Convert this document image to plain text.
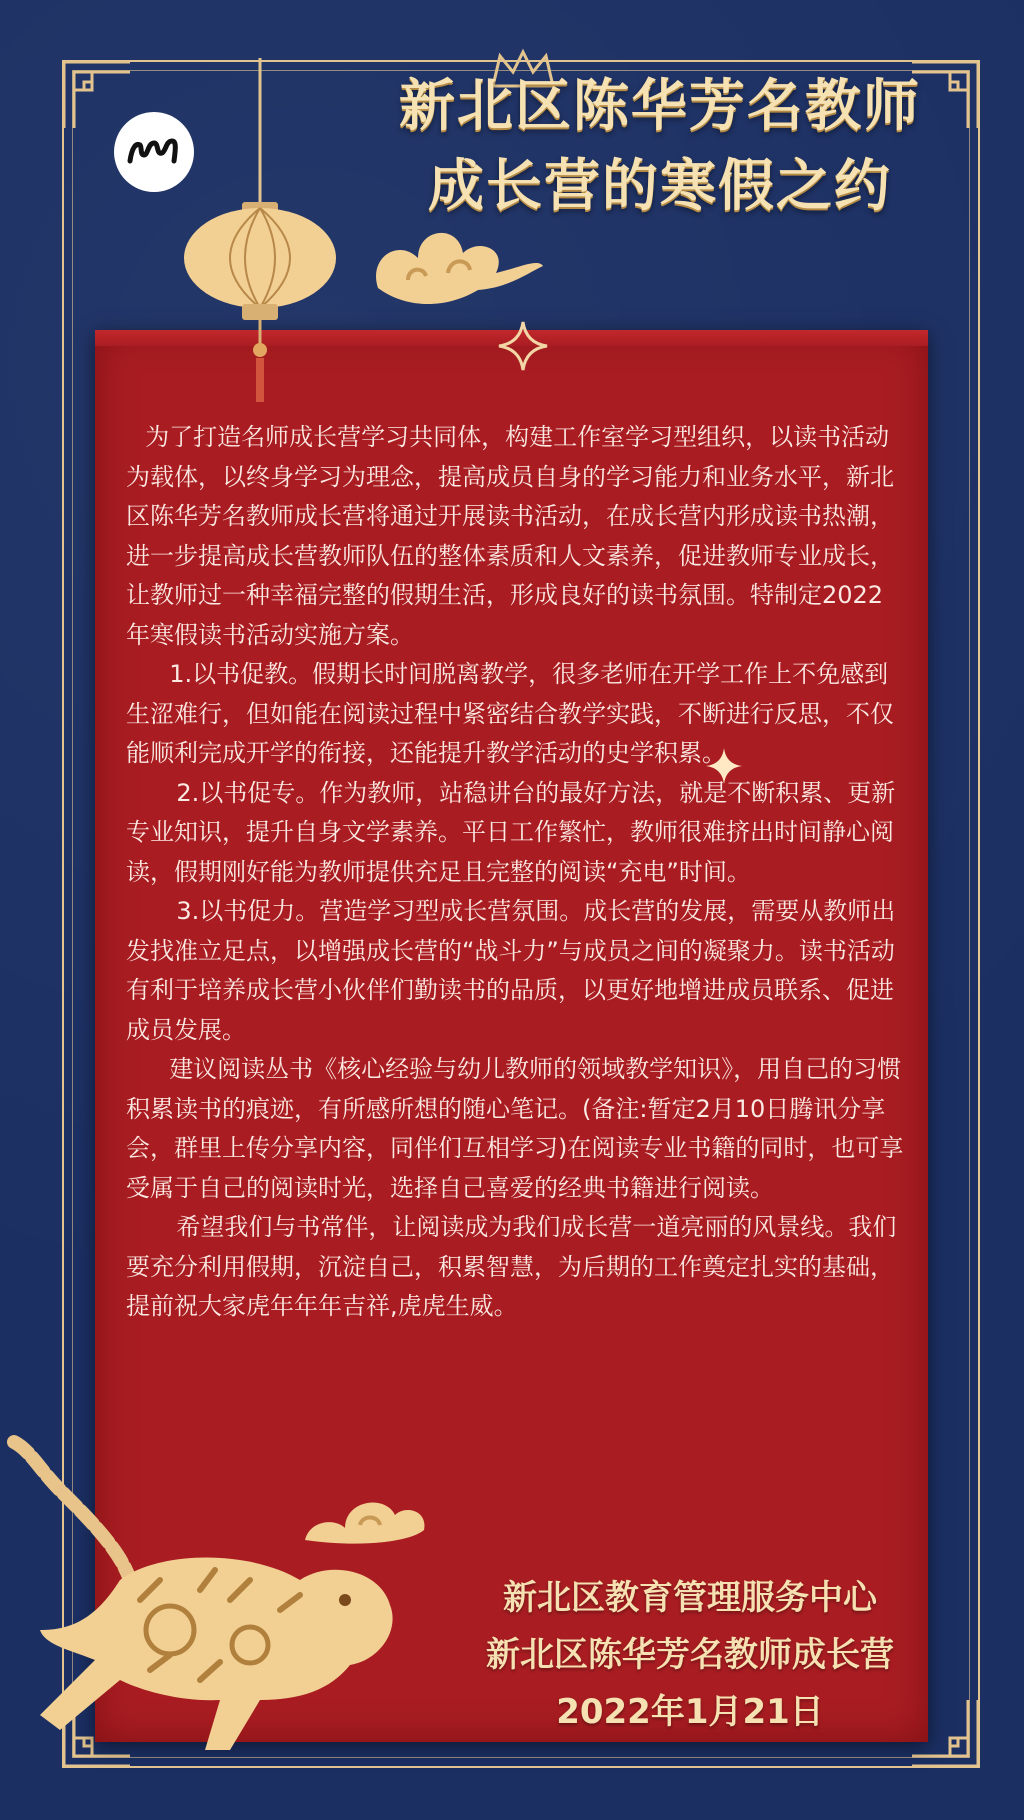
新北区陈华芳名教师
成长营的寒假之约

为了打造名师成长营学习共同体，构建工作室学习型组织，以读书活动为载体，以终身学习为理念，提高成员自身的学习能力和业务水平，新北区陈华芳名教师成长营将通过开展读书活动，在成长营内形成读书热潮，进一步提高成长营教师队伍的整体素质和人文素养，促进教师专业成长，让教师过一种幸福完整的假期生活，形成良好的读书氛围。特制定2022年寒假读书活动实施方案。

1.以书促教。假期长时间脱离教学，很多老师在开学工作上不免感到生涩难行，但如能在阅读过程中紧密结合教学实践，不断进行反思，不仅能顺利完成开学的衔接，还能提升教学活动的史学积累。

2.以书促专。作为教师，站稳讲台的最好方法，就是不断积累、更新专业知识，提升自身文学素养。平日工作繁忙，教师很难挤出时间静心阅读，假期刚好能为教师提供充足且完整的阅读“充电”时间。

3.以书促力。营造学习型成长营氛围。成长营的发展，需要从教师出发找准立足点，以增强成长营的“战斗力”与成员之间的凝聚力。读书活动有利于培养成长营小伙伴们勤读书的品质，以更好地增进成员联系、促进成员发展。

建议阅读丛书《核心经验与幼儿教师的领域教学知识》，用自己的习惯积累读书的痕迹，有所感所想的随心笔记。(备注:暂定2月10日腾讯分享会，群里上传分享内容，同伴们互相学习)在阅读专业书籍的同时，也可享受属于自己的阅读时光，选择自己喜爱的经典书籍进行阅读。

希望我们与书常伴，让阅读成为我们成长营一道亮丽的风景线。我们要充分利用假期，沉淀自己，积累智慧，为后期的工作奠定扎实的基础，提前祝大家虎年年年吉祥,虎虎生威。

新北区教育管理服务中心
新北区陈华芳名教师成长营
2022年1月21日
